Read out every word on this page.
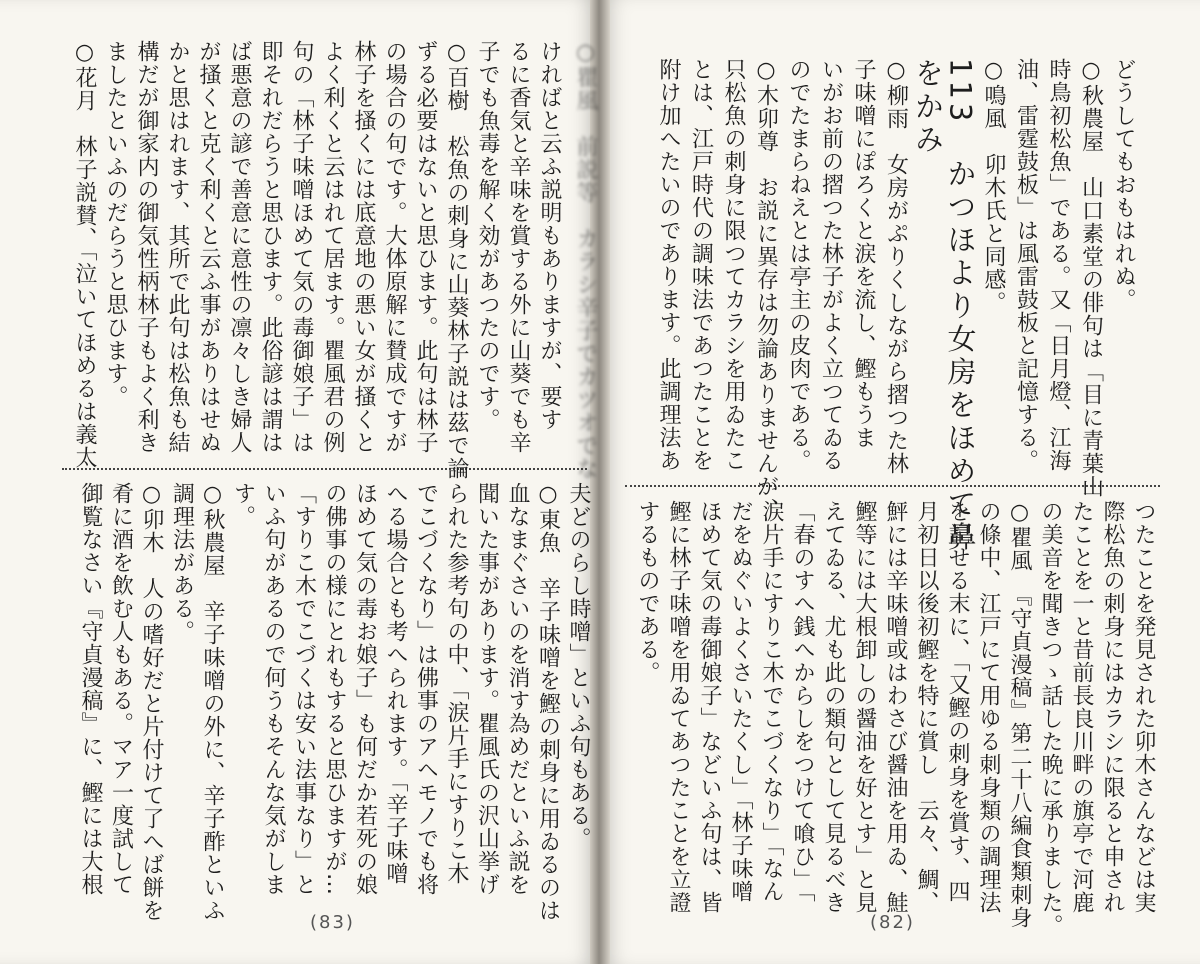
(83)	(82)
どうしてもおもはれぬ。
○秋農屋　山口素堂の俳句は「目に青葉山
時鳥初松魚」である。又「日月燈、江海
油、雷霆鼓板」は風雷鼓板と記憶する。
○鳴風　卯木氏と同感。
113　かつほより女房をほめて鼻
をかみ
○柳雨　女房がぷりくしながら摺つた林
子味噌にぽろくと涙を流し、鰹もうま
いがお前の摺つた林子がよく立つてゐる
のでたまらねえとは亭主の皮肉である。
○木卯尊　お説に異存は勿論ありませんが、
只松魚の刺身に限つてカラシを用ゐたこ
とは、江戸時代の調味法であつたことを
附け加へたいのであります。此調理法あ
つたことを発見された卯木さんなどは実
際松魚の刺身にはカラシに限ると申され
たことを一と昔前長良川畔の旗亭で河鹿
の美音を聞きつゝ話した晩に承りました。
○瞿風　『守貞漫稿』第二十八編食類刺身
の條中、江戸にて用ゆる刺身類の調理法
を記せる末に、「又鰹の刺身を賞す、四
月初日以後初鰹を特に賞し　云々、鯛、
鮃には辛味噌或はわさび醤油を用ゐ、鮭
鰹等には大根卸しの醤油を好とす」と見
えてゐる、尤も此の類句として見るべき
「春のすへ銭へからしをつけて喰ひ」「
涙片手にすりこ木でこづくなり」「なん
だをぬぐいよくさいたくし」「林子味噌
ほめて気の毒御娘子」などいふ句は、皆
鰹に林子味噌を用ゐてあつたことを立證
するものである。
○瞿風　前説等　カラシ辛子でカツオでな
ければと云ふ説明もありますが、要す
るに香気と辛味を賞する外に山葵でも辛
子でも魚毒を解く効があつたのです。
○百樹　松魚の刺身に山葵林子説は茲で論
ずる必要はないと思ひます。此句は林子
の場合の句です。大体原解に賛成ですが
林子を搔くには底意地の悪い女が搔くと
よく利くと云はれて居ます。瞿風君の例
句の「林子味噌ほめて気の毒御娘子」は
即それだらうと思ひます。此俗諺は謂は
ば悪意の諺で善意に意性の凛々しき婦人
が搔くと克く利くと云ふ事がありはせぬ
かと思はれます、其所で此句は松魚も結
構だが御家内の御気性柄林子もよく利き
ましたといふのだらうと思ひます。
○花月　林子説賛、「泣いてほめるは義太
夫どのらし時噌」といふ句もある。
○東魚　辛子味噌を鰹の刺身に用ゐるのは
血なまぐさいのを消す為めだといふ説を
聞いた事があります。瞿風氏の沢山挙げ
られた参考句の中、「涙片手にすりこ木
でこづくなり」は佛事のアヘモノでも将
へる場合とも考へられます。「辛子味噌
ほめて気の毒お娘子」も何だか若死の娘
の佛事の様にとれもすると思ひますが…
「すりこ木でこづくは安い法事なり」と
いふ句があるので何うもそんな気がしま
す。
○秋農屋　辛子味噌の外に、辛子酢といふ
調理法がある。
○卯木　人の嗜好だと片付けて了へば餅を
肴に酒を飲む人もある。マア一度試して
御覧なさい『守貞漫稿』に、鰹には大根
